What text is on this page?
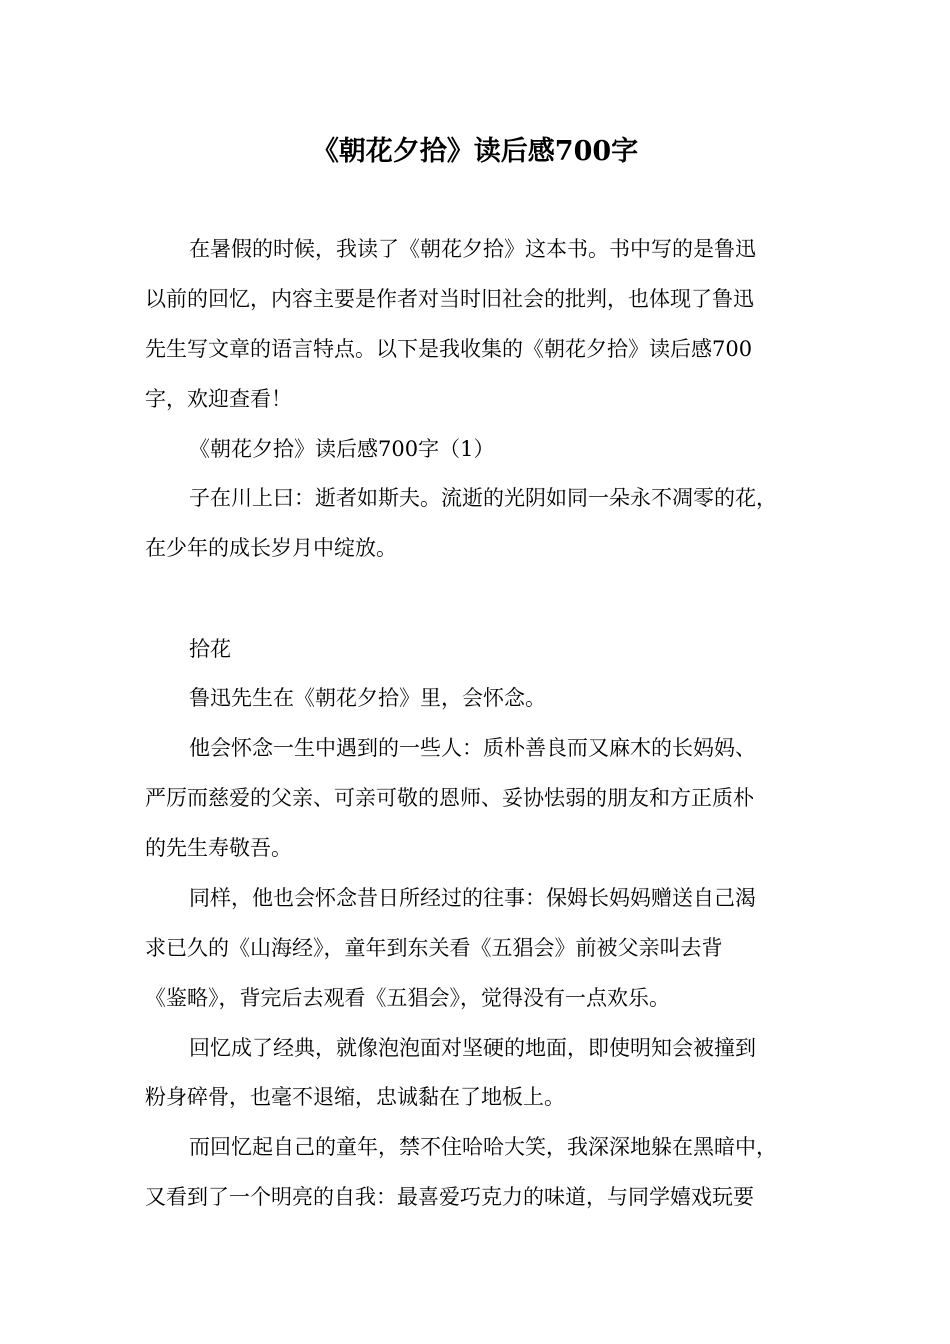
《朝花夕拾》读后感700字

在暑假的时候，我读了《朝花夕拾》这本书。书中写的是鲁迅

以前的回忆，内容主要是作者对当时旧社会的批判，也体现了鲁迅

先生写文章的语言特点。以下是我收集的《朝花夕拾》读后感700

字，欢迎查看！

《朝花夕拾》读后感700字（1）

子在川上曰：逝者如斯夫。流逝的光阴如同一朵永不凋零的花，

在少年的成长岁月中绽放。

拾花

鲁迅先生在《朝花夕拾》里，会怀念。

他会怀念一生中遇到的一些人：质朴善良而又麻木的长妈妈、

严厉而慈爱的父亲、可亲可敬的恩师、妥协怯弱的朋友和方正质朴

的先生寿敬吾。

同样，他也会怀念昔日所经过的往事：保姆长妈妈赠送自己渴

求已久的《山海经》，童年到东关看《五猖会》前被父亲叫去背

《鉴略》，背完后去观看《五猖会》，觉得没有一点欢乐。

回忆成了经典，就像泡泡面对坚硬的地面，即使明知会被撞到

粉身碎骨，也毫不退缩，忠诚黏在了地板上。

而回忆起自己的童年，禁不住哈哈大笑，我深深地躲在黑暗中，

又看到了一个明亮的自我：最喜爱巧克力的味道，与同学嬉戏玩要
